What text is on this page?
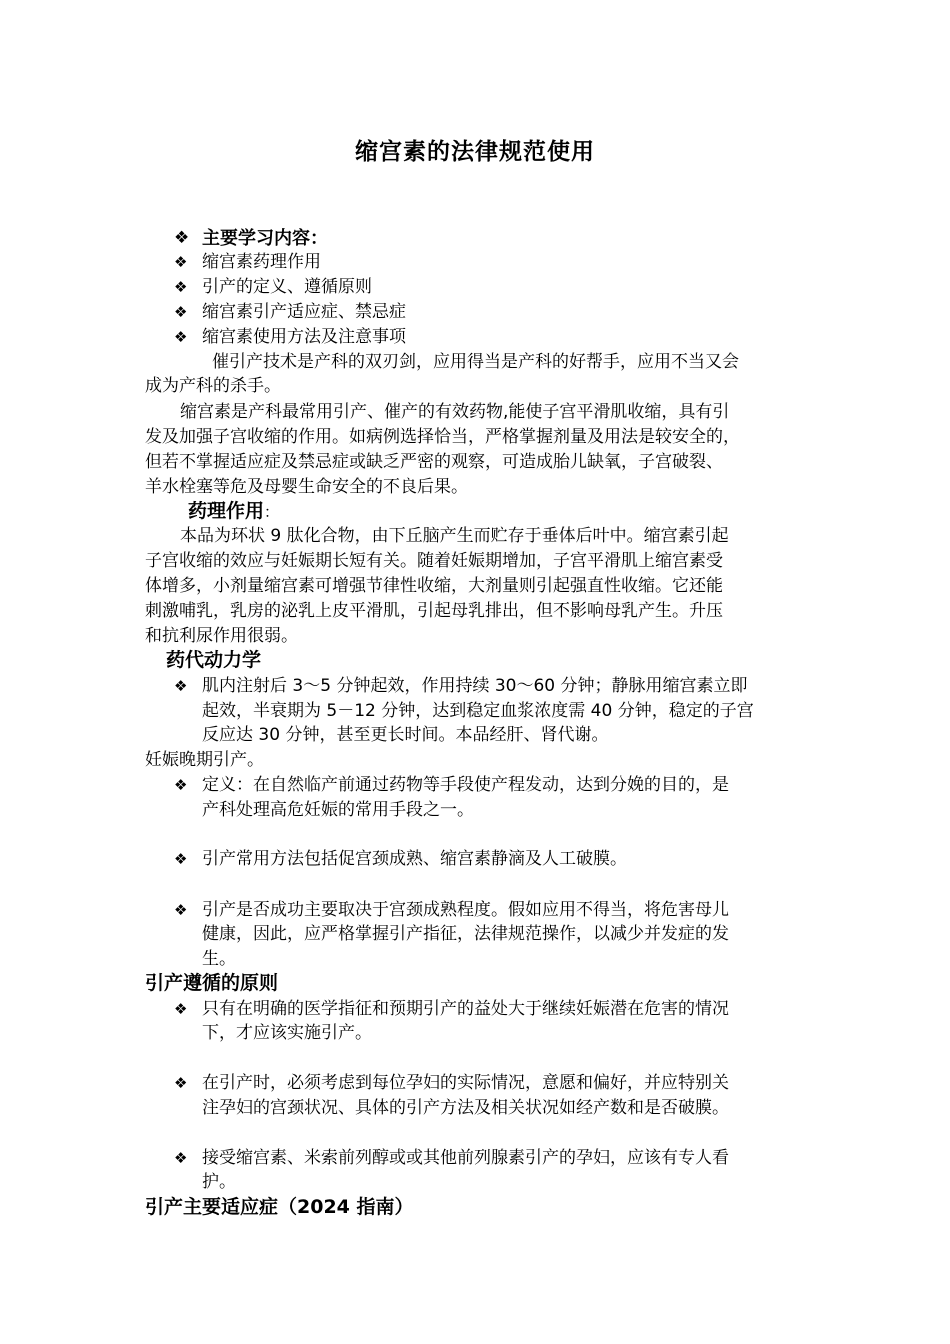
缩宫素的法律规范使用
❖ 主要学习内容：
❖ 缩宫素药理作用
❖ 引产的定义、遵循原则
❖ 缩宫素引产适应症、禁忌症
❖ 缩宫素使用方法及注意事项
催引产技术是产科的双刃剑，应用得当是产科的好帮手，应用不当又会
成为产科的杀手。
缩宫素是产科最常用引产、催产的有效药物,能使子宫平滑肌收缩，具有引
发及加强子宫收缩的作用。如病例选择恰当，严格掌握剂量及用法是较安全的，
但若不掌握适应症及禁忌症或缺乏严密的观察，可造成胎儿缺氧，子宫破裂、
羊水栓塞等危及母婴生命安全的不良后果。
药理作用：
本品为环状 9 肽化合物，由下丘脑产生而贮存于垂体后叶中。缩宫素引起
子宫收缩的效应与妊娠期长短有关。随着妊娠期增加，子宫平滑肌上缩宫素受
体增多，小剂量缩宫素可增强节律性收缩，大剂量则引起强直性收缩。它还能
刺激哺乳，乳房的泌乳上皮平滑肌，引起母乳排出，但不影响母乳产生。升压
和抗利尿作用很弱。
药代动力学
❖ 肌内注射后 3～5 分钟起效，作用持续 30～60 分钟；静脉用缩宫素立即
起效，半衰期为 5－12 分钟，达到稳定血浆浓度需 40 分钟，稳定的子宫
反应达 30 分钟，甚至更长时间。本品经肝、肾代谢。
妊娠晚期引产。
❖ 定义：在自然临产前通过药物等手段使产程发动，达到分娩的目的，是
产科处理高危妊娠的常用手段之一。
❖ 引产常用方法包括促宫颈成熟、缩宫素静滴及人工破膜。
❖ 引产是否成功主要取决于宫颈成熟程度。假如应用不得当，将危害母儿
健康，因此，应严格掌握引产指征，法律规范操作，以减少并发症的发
生。
引产遵循的原则
❖ 只有在明确的医学指征和预期引产的益处大于继续妊娠潜在危害的情况
下，才应该实施引产。
❖ 在引产时，必须考虑到每位孕妇的实际情况，意愿和偏好，并应特别关
注孕妇的宫颈状况、具体的引产方法及相关状况如经产数和是否破膜。
❖ 接受缩宫素、米索前列醇或或其他前列腺素引产的孕妇，应该有专人看
护。
引产主要适应症（2024 指南）
